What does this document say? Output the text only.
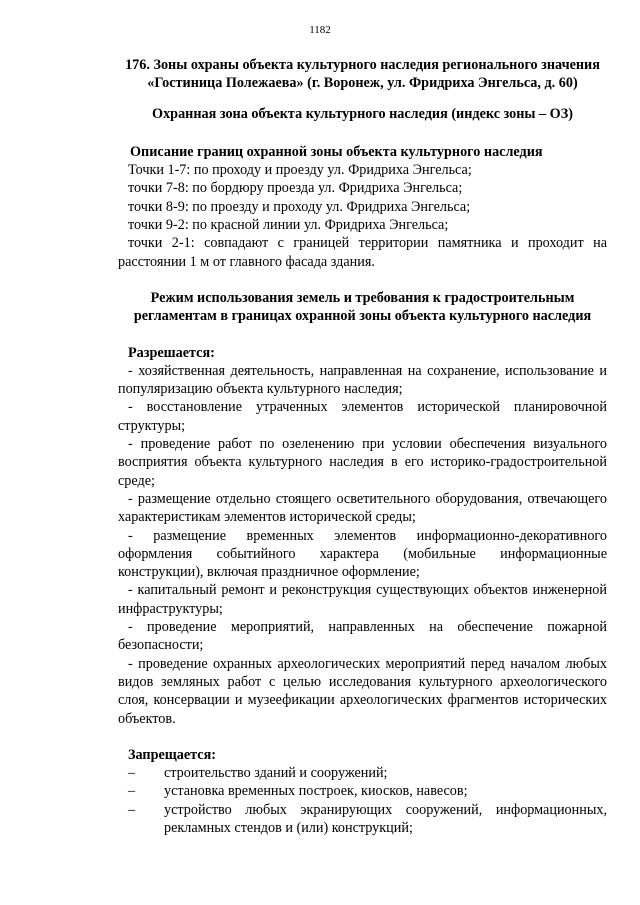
1182

176. Зоны охраны объекта культурного наследия регионального значения «Гостиница Полежаева» (г. Воронеж, ул. Фридриха Энгельса, д. 60)

Охранная зона объекта культурного наследия (индекс зоны – ОЗ)

Описание границ охранной зоны объекта культурного наследия

Точки 1-7: по проходу и проезду ул. Фридриха Энгельса;

точки 7-8: по бордюру проезда ул. Фридриха Энгельса;

точки 8-9: по проезду и проходу ул. Фридриха Энгельса;

точки 9-2: по красной линии ул. Фридриха Энгельса;

точки 2-1: совпадают с границей территории памятника и проходит на расстоянии 1 м от главного фасада здания.

Режим использования земель и требования к градостроительным регламентам в границах охранной зоны объекта культурного наследия

Разрешается:

- хозяйственная деятельность, направленная на сохранение, использование и популяризацию объекта культурного наследия;

- восстановление утраченных элементов исторической планировочной структуры;

- проведение работ по озеленению при условии обеспечения визуального восприятия объекта культурного наследия в его историко-градостроительной среде;

- размещение отдельно стоящего осветительного оборудования, отвечающего характеристикам элементов исторической среды;

- размещение временных элементов информационно-декоративного оформления событийного характера (мобильные информационные конструкции), включая праздничное оформление;

- капитальный ремонт и реконструкция существующих объектов инженерной инфраструктуры;

- проведение мероприятий, направленных на обеспечение пожарной безопасности;

- проведение охранных археологических мероприятий перед началом любых видов земляных работ с целью исследования культурного археологического слоя, консервации и музеефикации археологических фрагментов исторических объектов.

Запрещается:

–	строительство зданий и сооружений;
–	установка временных построек, киосков, навесов;
–	устройство любых экранирующих сооружений, информационных, рекламных стендов и (или) конструкций;
